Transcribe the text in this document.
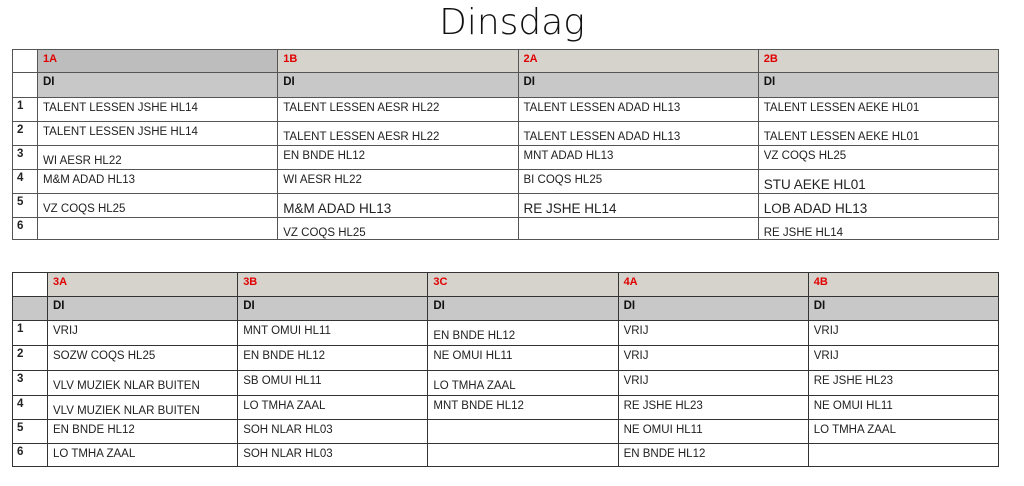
Dinsdag
	1A	1B	2A	2B
	DI	DI	DI	DI
1	TALENT LESSEN JSHE HL14	TALENT LESSEN AESR HL22	TALENT LESSEN ADAD HL13	TALENT LESSEN AEKE HL01
2	TALENT LESSEN JSHE HL14	TALENT LESSEN AESR HL22	TALENT LESSEN ADAD HL13	TALENT LESSEN AEKE HL01
3	WI AESR HL22	EN BNDE HL12	MNT ADAD HL13	VZ COQS HL25
4	M&M ADAD HL13	WI AESR HL22	BI COQS HL25	STU AEKE HL01
5	VZ COQS HL25	M&M ADAD HL13	RE JSHE HL14	LOB ADAD HL13
6		VZ COQS HL25		RE JSHE HL14
	3A	3B	3C	4A	4B
	DI	DI	DI	DI	DI
1	VRIJ	MNT OMUI HL11	EN BNDE HL12	VRIJ	VRIJ
2	SOZW COQS HL25	EN BNDE HL12	NE OMUI HL11	VRIJ	VRIJ
3	VLV MUZIEK NLAR BUITEN	SB OMUI HL11	LO TMHA ZAAL	VRIJ	RE JSHE HL23
4	VLV MUZIEK NLAR BUITEN	LO TMHA ZAAL	MNT BNDE HL12	RE JSHE HL23	NE OMUI HL11
5	EN BNDE HL12	SOH NLAR HL03		NE OMUI HL11	LO TMHA ZAAL
6	LO TMHA ZAAL	SOH NLAR HL03		EN BNDE HL12	
